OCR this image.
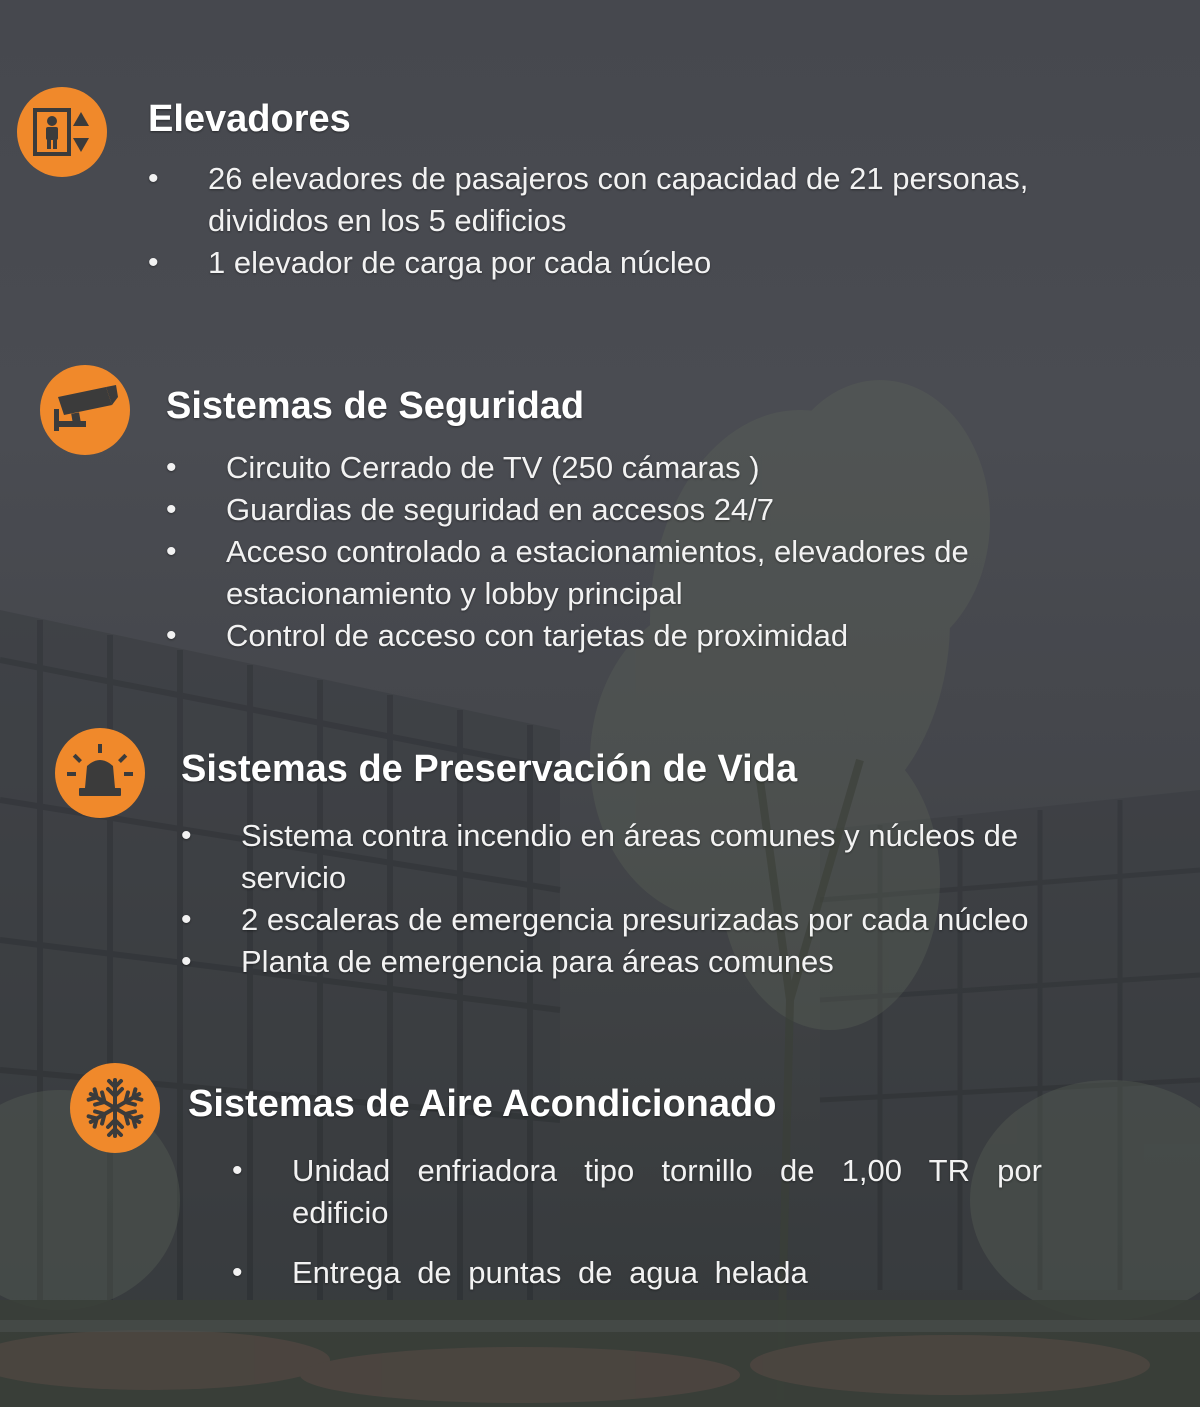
Elevadores
• 26 elevadores de pasajeros con capacidad de 21 personas, divididos en los 5 edificios
• 1 elevador de carga por cada núcleo
Sistemas de Seguridad
• Circuito Cerrado de TV (250 cámaras )
• Guardias de seguridad en accesos 24/7
• Acceso controlado a estacionamientos, elevadores de estacionamiento y lobby principal
• Control de acceso con tarjetas de proximidad
Sistemas de Preservación de Vida
• Sistema contra incendio en áreas comunes y núcleos de servicio
• 2 escaleras de emergencia presurizadas por cada núcleo
• Planta de emergencia para áreas comunes
Sistemas de Aire Acondicionado
• Unidad enfriadora tipo tornillo de 1,00 TR por edificio
• Entrega de puntas de agua helada
